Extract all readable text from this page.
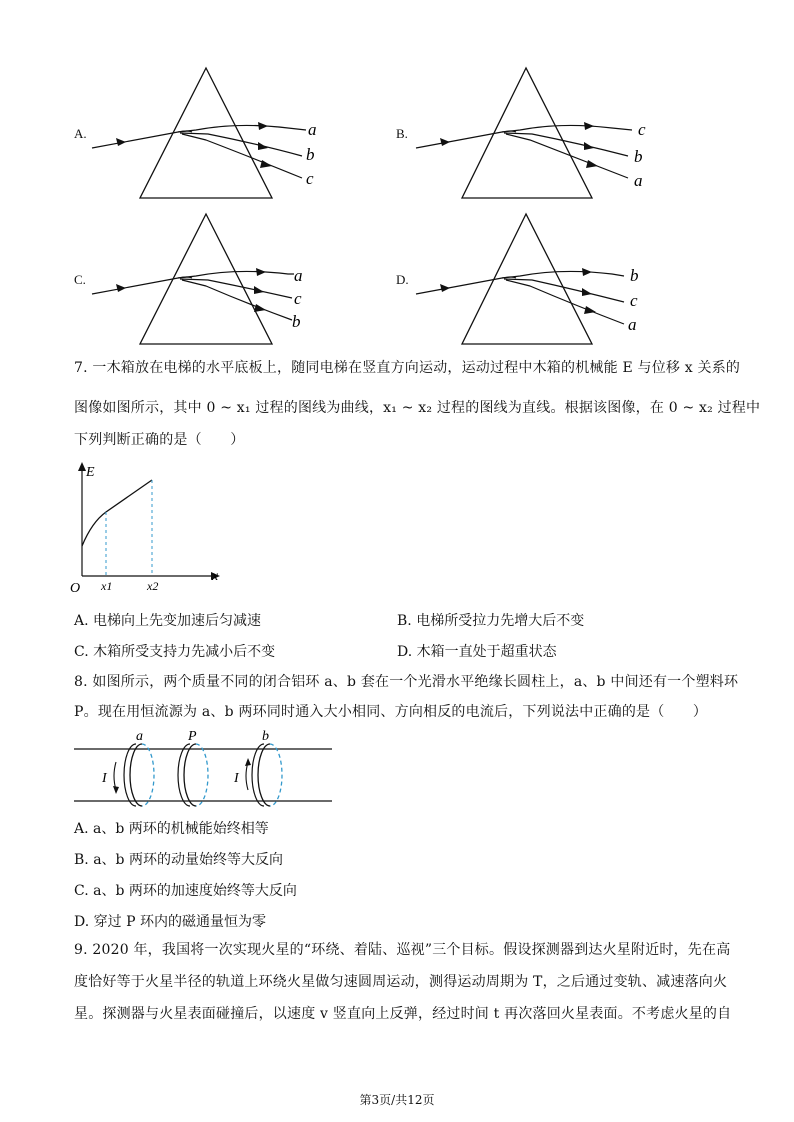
A.	a
b
c
B.	c
b
a
C.	a
c
b
D.	b
c
a
7. 一木箱放在电梯的水平底板上，随同电梯在竖直方向运动，运动过程中木箱的机械能 E 与位移 x 关系的
图像如图所示，其中 0 ~ x₁ 过程的图线为曲线，x₁ ~ x₂ 过程的图线为直线。根据该图像，在 0 ~ x₂ 过程中
下列判断正确的是（　　）
E
x
O x1	x2
A. 电梯向上先变加速后匀减速	B. 电梯所受拉力先增大后不变
C. 木箱所受支持力先减小后不变	D. 木箱一直处于超重状态
8. 如图所示，两个质量不同的闭合铝环 a、b 套在一个光滑水平绝缘长圆柱上，a、b 中间还有一个塑料环
P。现在用恒流源为 a、b 两环同时通入大小相同、方向相反的电流后，下列说法中正确的是（　　）
a	P	b
I	I
A. a、b 两环的机械能始终相等
B. a、b 两环的动量始终等大反向
C. a、b 两环的加速度始终等大反向
D. 穿过 P 环内的磁通量恒为零
9. 2020 年，我国将一次实现火星的“环绕、着陆、巡视”三个目标。假设探测器到达火星附近时，先在高
度恰好等于火星半径的轨道上环绕火星做匀速圆周运动，测得运动周期为 T，之后通过变轨、减速落向火
星。探测器与火星表面碰撞后，以速度 v 竖直向上反弹，经过时间 t 再次落回火星表面。不考虑火星的自
第3页/共12页
